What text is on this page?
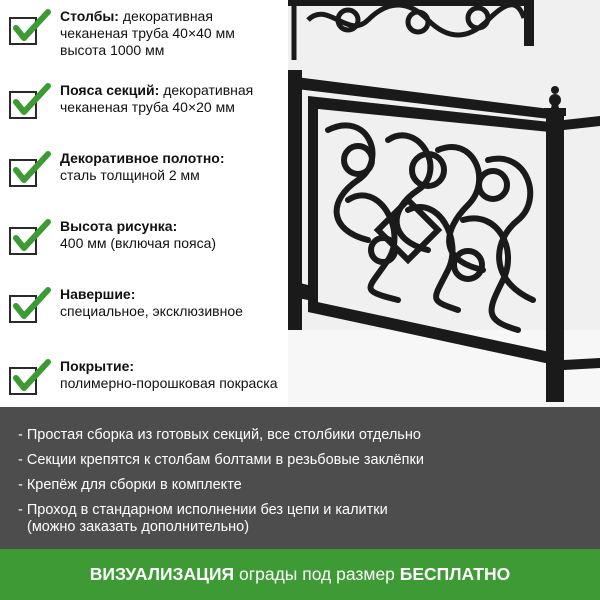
Столбы: декоративная
чеканеная труба 40×40 мм
высота 1000 мм
Пояса секций: декоративная
чеканеная труба 40×20 мм
Декоративное полотно:
сталь толщиной 2 мм
Высота рисунка:
400 мм (включая пояса)
Навершие:
специальное, эксклюзивное
Покрытие:
полимерно-порошковая покраска
- Простая сборка из готовых секций, все столбики отдельно
- Секции крепятся к столбам болтами в резьбовые заклёпки
- Крепёж для сборки в комплекте
- Проход в стандарном исполнении без цепи и калитки
(можно заказать дополнительно)
ВИЗУАЛИЗАЦИЯ ограды под размер БЕСПЛАТНО
